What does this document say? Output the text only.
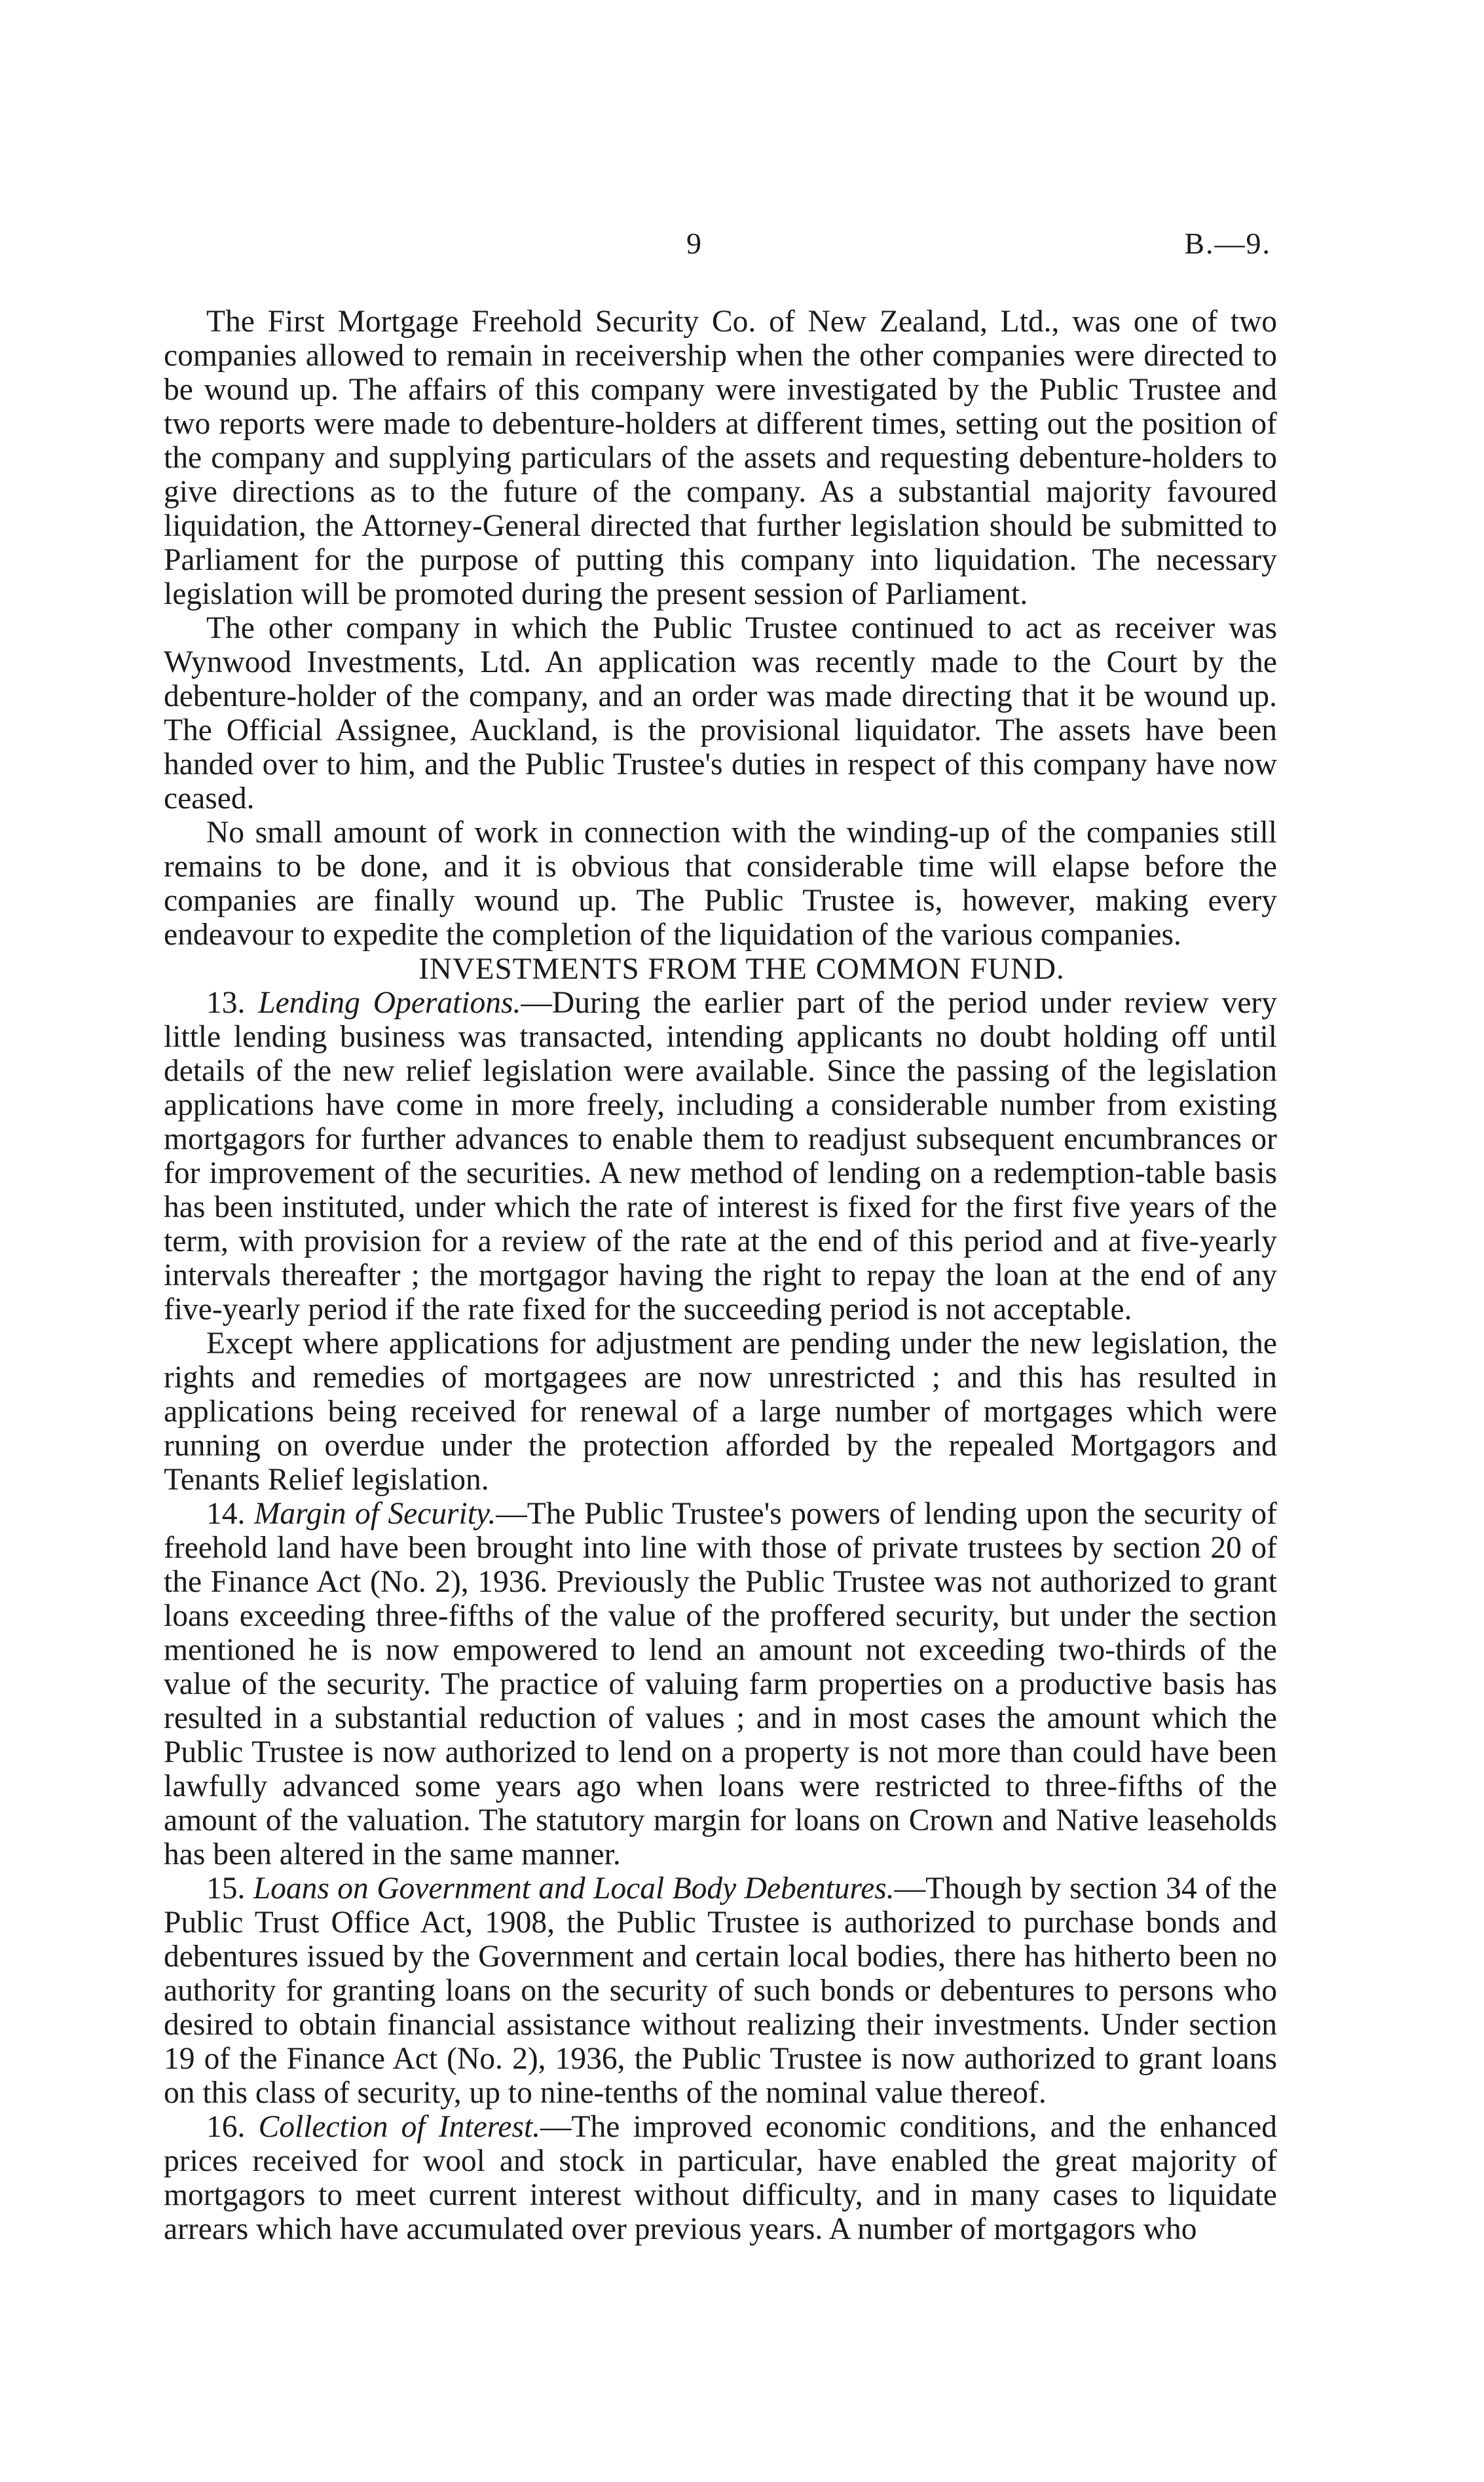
9	B.—9.

The First Mortgage Freehold Security Co. of New Zealand, Ltd., was one of two companies allowed to remain in receivership when the other companies were directed to be wound up. The affairs of this company were investigated by the Public Trustee and two reports were made to debenture-holders at different times, setting out the position of the company and supplying particulars of the assets and requesting debenture-holders to give directions as to the future of the company. As a substantial majority favoured liquidation, the Attorney-General directed that further legislation should be submitted to Parliament for the purpose of putting this company into liquidation. The necessary legislation will be promoted during the present session of Parliament.

The other company in which the Public Trustee continued to act as receiver was Wynwood Investments, Ltd. An application was recently made to the Court by the debenture-holder of the company, and an order was made directing that it be wound up. The Official Assignee, Auckland, is the provisional liquidator. The assets have been handed over to him, and the Public Trustee's duties in respect of this company have now ceased.

No small amount of work in connection with the winding-up of the companies still remains to be done, and it is obvious that considerable time will elapse before the companies are finally wound up. The Public Trustee is, however, making every endeavour to expedite the completion of the liquidation of the various companies.

INVESTMENTS FROM THE COMMON FUND.

13. Lending Operations.—During the earlier part of the period under review very little lending business was transacted, intending applicants no doubt holding off until details of the new relief legislation were available. Since the passing of the legislation applications have come in more freely, including a considerable number from existing mortgagors for further advances to enable them to readjust subsequent encumbrances or for improvement of the securities. A new method of lending on a redemption-table basis has been instituted, under which the rate of interest is fixed for the first five years of the term, with provision for a review of the rate at the end of this period and at five-yearly intervals thereafter ; the mortgagor having the right to repay the loan at the end of any five-yearly period if the rate fixed for the succeeding period is not acceptable.

Except where applications for adjustment are pending under the new legislation, the rights and remedies of mortgagees are now unrestricted ; and this has resulted in applications being received for renewal of a large number of mortgages which were running on overdue under the protection afforded by the repealed Mortgagors and Tenants Relief legislation.

14. Margin of Security.—The Public Trustee's powers of lending upon the security of freehold land have been brought into line with those of private trustees by section 20 of the Finance Act (No. 2), 1936. Previously the Public Trustee was not authorized to grant loans exceeding three-fifths of the value of the proffered security, but under the section mentioned he is now empowered to lend an amount not exceeding two-thirds of the value of the security. The practice of valuing farm properties on a productive basis has resulted in a substantial reduction of values ; and in most cases the amount which the Public Trustee is now authorized to lend on a property is not more than could have been lawfully advanced some years ago when loans were restricted to three-fifths of the amount of the valuation. The statutory margin for loans on Crown and Native leaseholds has been altered in the same manner.

15. Loans on Government and Local Body Debentures.—Though by section 34 of the Public Trust Office Act, 1908, the Public Trustee is authorized to purchase bonds and debentures issued by the Government and certain local bodies, there has hitherto been no authority for granting loans on the security of such bonds or debentures to persons who desired to obtain financial assistance without realizing their investments. Under section 19 of the Finance Act (No. 2), 1936, the Public Trustee is now authorized to grant loans on this class of security, up to nine-tenths of the nominal value thereof.

16. Collection of Interest.—The improved economic conditions, and the enhanced prices received for wool and stock in particular, have enabled the great majority of mortgagors to meet current interest without difficulty, and in many cases to liquidate arrears which have accumulated over previous years. A number of mortgagors who
